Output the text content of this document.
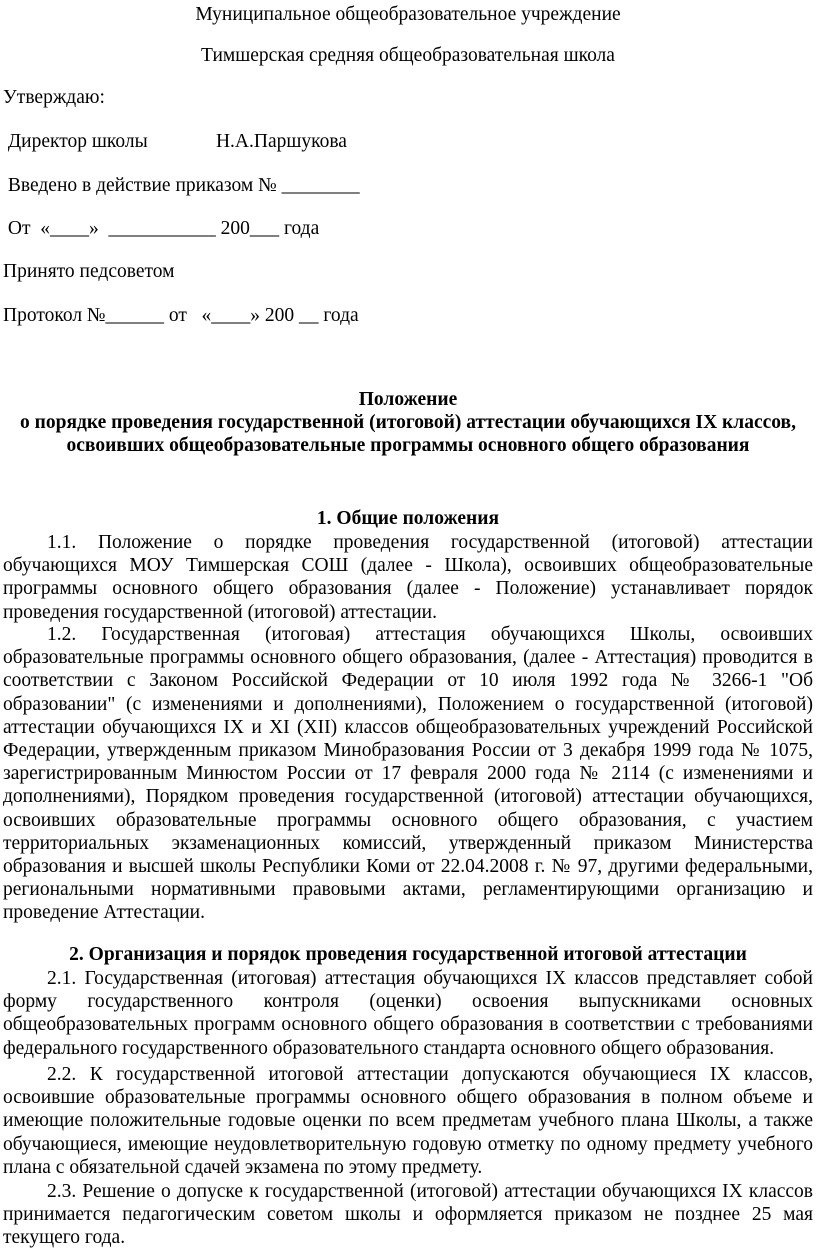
Муниципальное общеобразовательное учреждение
Тимшерская средняя общеобразовательная школа
Утверждаю:
Директор школы              Н.А.Паршукова
Введено в действие приказом № ________
От  «____»  ___________ 200___ года
Принято педсоветом
Протокол №______ от   «____» 200 __ года
Положение
о порядке проведения государственной (итоговой) аттестации обучающихся IX классов,
освоивших общеобразовательные программы основного общего образования
1. Общие положения
1.1. Положение о порядке проведения государственной (итоговой) аттестации обучающихся МОУ Тимшерская СОШ (далее - Школа), освоивших общеобразовательные программы основного общего образования (далее - Положение) устанавливает порядок проведения государственной (итоговой) аттестации.
1.2. Государственная (итоговая) аттестация обучающихся Школы, освоивших образовательные программы основного общего образования, (далее - Аттестация) проводится в соответствии с Законом Российской Федерации от 10 июля 1992 года № 3266-1 "Об образовании" (с изменениями и дополнениями), Положением о государственной (итоговой) аттестации обучающихся IX и XI (XII) классов общеобразовательных учреждений Российской Федерации, утвержденным приказом Минобразования России от 3 декабря 1999 года № 1075, зарегистрированным Минюстом России от 17 февраля 2000 года № 2114 (с изменениями и дополнениями), Порядком проведения государственной (итоговой) аттестации обучающихся, освоивших образовательные программы основного общего образования, с участием территориальных экзаменационных комиссий, утвержденный приказом Министерства образования и высшей школы Республики Коми от 22.04.2008 г. № 97, другими федеральными, региональными нормативными правовыми актами, регламентирующими организацию и проведение Аттестации.
2. Организация и порядок проведения государственной итоговой аттестации
2.1. Государственная (итоговая) аттестация обучающихся IX классов представляет собой форму государственного контроля (оценки) освоения выпускниками основных общеобразовательных программ основного общего образования в соответствии с требованиями федерального государственного образовательного стандарта основного общего образования.
2.2. К государственной итоговой аттестации допускаются обучающиеся IX классов, освоившие образовательные программы основного общего образования в полном объеме и имеющие положительные годовые оценки по всем предметам учебного плана Школы, а также обучающиеся, имеющие неудовлетворительную годовую отметку по одному предмету учебного плана с обязательной сдачей экзамена по этому предмету.
2.3. Решение о допуске к государственной (итоговой) аттестации обучающихся IX классов принимается педагогическим советом школы и оформляется приказом не позднее 25 мая текущего года.
